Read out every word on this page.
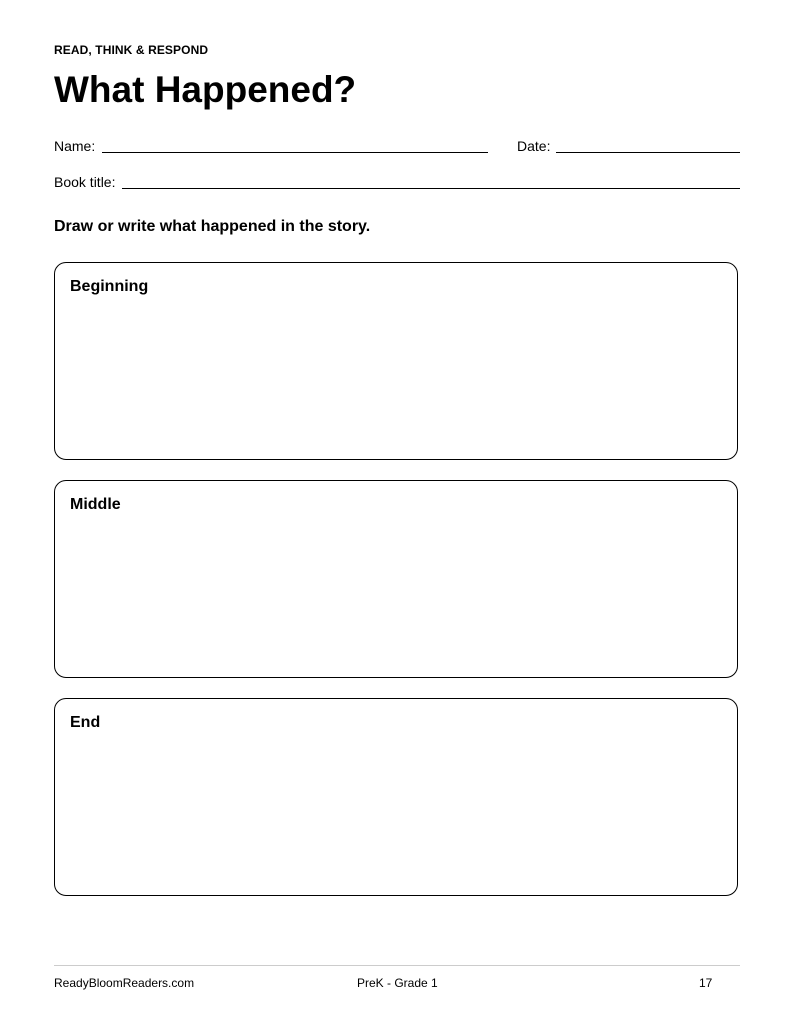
READ, THINK & RESPOND
What Happened?
Name:	Date:
Book title:
Draw or write what happened in the story.
Beginning
Middle
End
ReadyBloomReaders.com	PreK - Grade 1	17
